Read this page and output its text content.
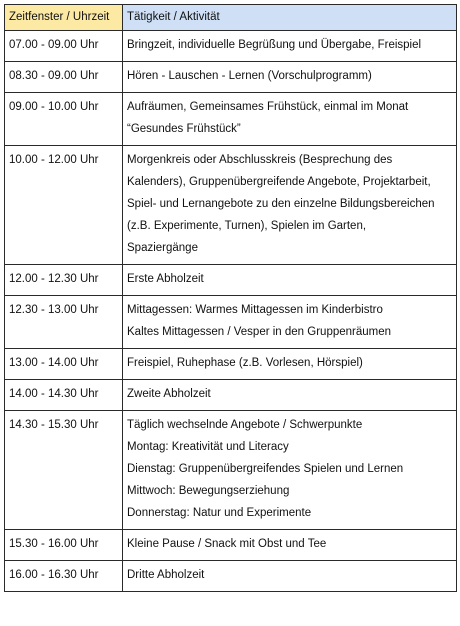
Zeitfenster / Uhrzeit	Tätigkeit / Aktivität
07.00 - 09.00 Uhr	Bringzeit, individuelle Begrüßung und Übergabe, Freispiel

08.30 - 09.00 Uhr	Hören - Lauschen - Lernen (Vorschulprogramm)

09.00 - 10.00 Uhr	Aufräumen, Gemeinsames Frühstück, einmal im Monat
“Gesundes Frühstück”

10.00 - 12.00 Uhr	Morgenkreis oder Abschlusskreis (Besprechung des
Kalenders), Gruppenübergreifende Angebote, Projektarbeit,
Spiel- und Lernangebote zu den einzelne Bildungsbereichen
(z.B. Experimente, Turnen), Spielen im Garten,
Spaziergänge

12.00 - 12.30 Uhr	Erste Abholzeit

12.30 - 13.00 Uhr	Mittagessen: Warmes Mittagessen im Kinderbistro
Kaltes Mittagessen / Vesper in den Gruppenräumen

13.00 - 14.00 Uhr	Freispiel, Ruhephase (z.B. Vorlesen, Hörspiel)

14.00 - 14.30 Uhr	Zweite Abholzeit

14.30 - 15.30 Uhr	Täglich wechselnde Angebote / Schwerpunkte
Montag: Kreativität und Literacy
Dienstag: Gruppenübergreifendes Spielen und Lernen
Mittwoch: Bewegungserziehung
Donnerstag: Natur und Experimente

15.30 - 16.00 Uhr	Kleine Pause / Snack mit Obst und Tee

16.00 - 16.30 Uhr	Dritte Abholzeit
